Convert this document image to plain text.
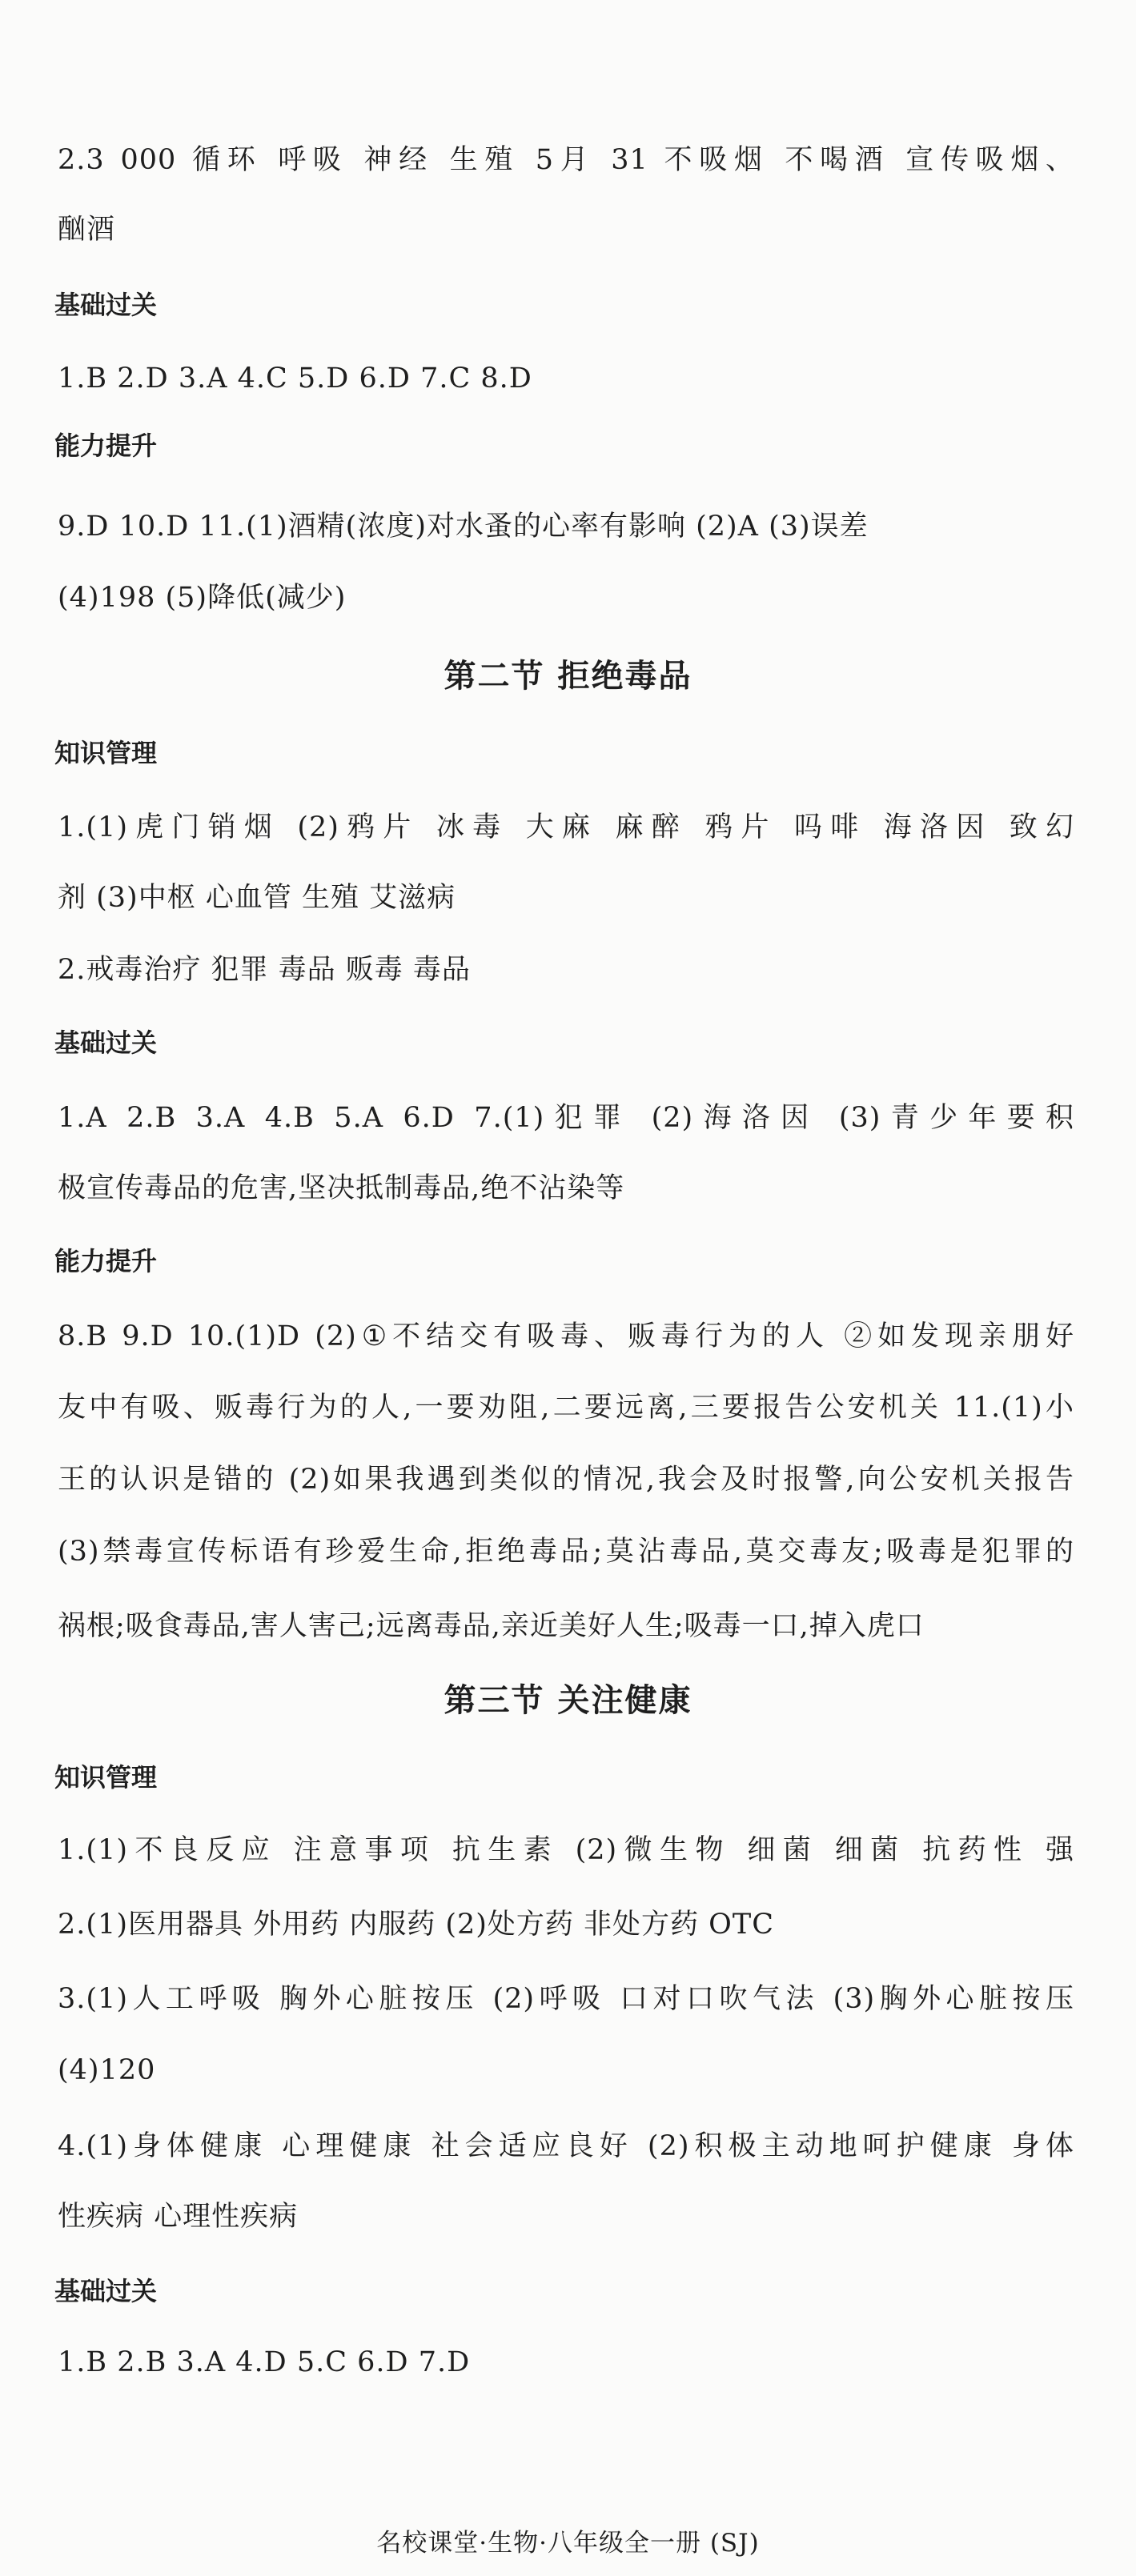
2.3 000 循环 呼吸 神经 生殖 5月 31 不吸烟 不喝酒 宣传吸烟、
酗酒
基础过关
1.B 2.D 3.A 4.C 5.D 6.D 7.C 8.D
能力提升
9.D 10.D 11.(1)酒精(浓度)对水蚤的心率有影响 (2)A (3)误差
(4)198 (5)降低(减少)
第二节 拒绝毒品
知识管理
1.(1)虎门销烟 (2)鸦片 冰毒 大麻 麻醉 鸦片 吗啡 海洛因 致幻
剂 (3)中枢 心血管 生殖 艾滋病
2.戒毒治疗 犯罪 毒品 贩毒 毒品
基础过关
1.A 2.B 3.A 4.B 5.A 6.D 7.(1)犯罪 (2)海洛因 (3)青少年要积
极宣传毒品的危害,坚决抵制毒品,绝不沾染等
能力提升
8.B 9.D 10.(1)D (2)①不结交有吸毒、贩毒行为的人 ②如发现亲朋好
友中有吸、贩毒行为的人,一要劝阻,二要远离,三要报告公安机关 11.(1)小
王的认识是错的 (2)如果我遇到类似的情况,我会及时报警,向公安机关报告
(3)禁毒宣传标语有珍爱生命,拒绝毒品;莫沾毒品,莫交毒友;吸毒是犯罪的
祸根;吸食毒品,害人害己;远离毒品,亲近美好人生;吸毒一口,掉入虎口
第三节 关注健康
知识管理
1.(1)不良反应 注意事项 抗生素 (2)微生物 细菌 细菌 抗药性 强
2.(1)医用器具 外用药 内服药 (2)处方药 非处方药 OTC
3.(1)人工呼吸 胸外心脏按压 (2)呼吸 口对口吹气法 (3)胸外心脏按压
(4)120
4.(1)身体健康 心理健康 社会适应良好 (2)积极主动地呵护健康 身体
性疾病 心理性疾病
基础过关
1.B 2.B 3.A 4.D 5.C 6.D 7.D
名校课堂·生物·八年级全一册 (SJ)
